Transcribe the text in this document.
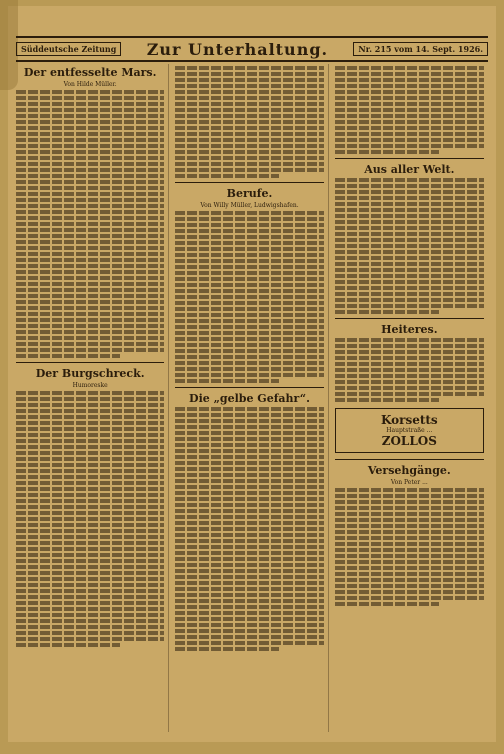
Süddeutsche Zeitung	Zur Unterhaltung.	Nr. 215 vom 14. Sept. 1926.
Der entfesselte Mars.
Von Hilde Müller.
Der Burgschreck.
Humoreske
Berufe.
Von Willy Müller, Ludwigshafen.
Die „gelbe Gefahr“.
Aus aller Welt.
Heiteres.
Korsetts
Hauptstraße ...
ZOLLOS
Versehgänge.
Von Peter ...
